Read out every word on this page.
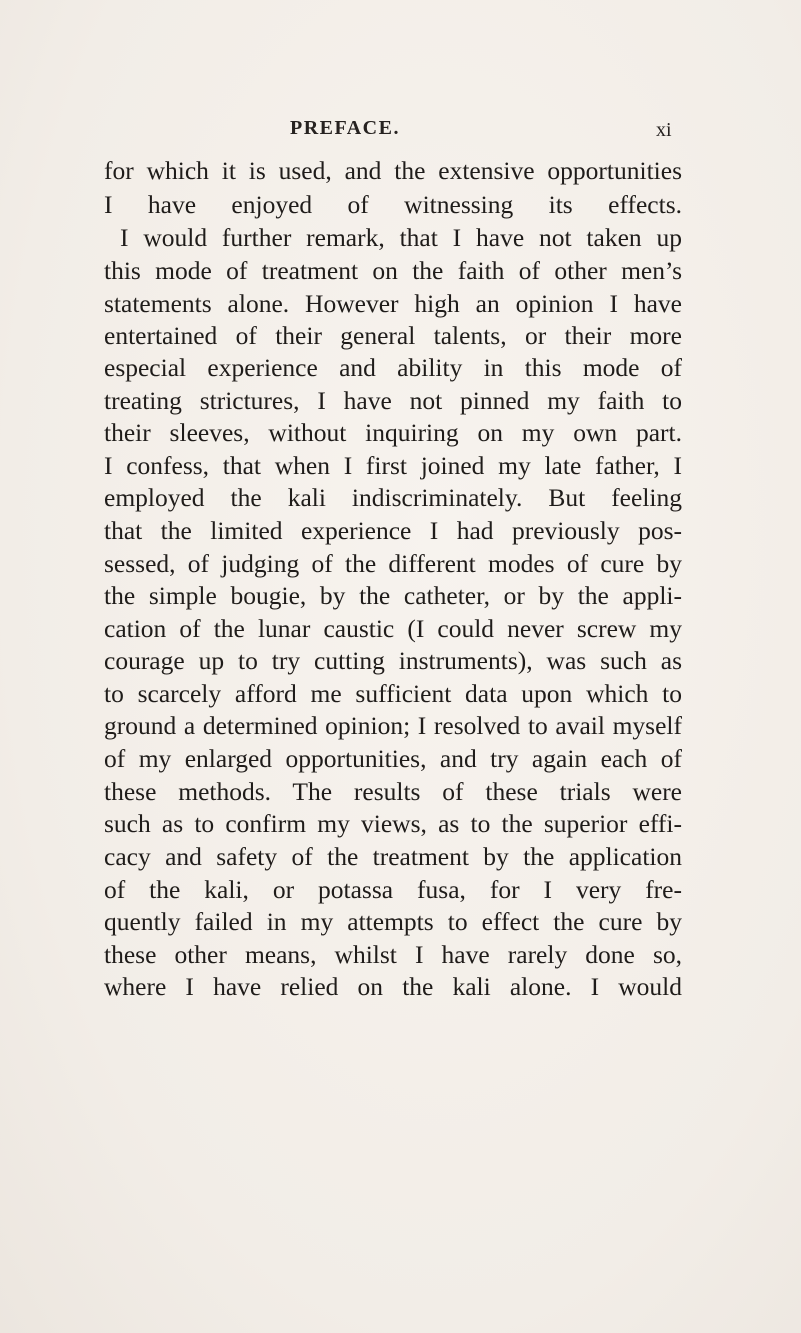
PREFACE.	xi
for which it is used, and the extensive opportunities
I have enjoyed of witnessing its effects.
I would further remark, that I have not taken up
this mode of treatment on the faith of other men’s
statements alone. However high an opinion I have
entertained of their general talents, or their more
especial experience and ability in this mode of
treating strictures, I have not pinned my faith to
their sleeves, without inquiring on my own part.
I confess, that when I first joined my late father, I
employed the kali indiscriminately. But feeling
that the limited experience I had previously pos-
sessed, of judging of the different modes of cure by
the simple bougie, by the catheter, or by the appli-
cation of the lunar caustic (I could never screw my
courage up to try cutting instruments), was such as
to scarcely afford me sufficient data upon which to
ground a determined opinion; I resolved to avail myself
of my enlarged opportunities, and try again each of
these methods. The results of these trials were
such as to confirm my views, as to the superior effi-
cacy and safety of the treatment by the application
of the kali, or potassa fusa, for I very fre-
quently failed in my attempts to effect the cure by
these other means, whilst I have rarely done so,
where I have relied on the kali alone. I would
